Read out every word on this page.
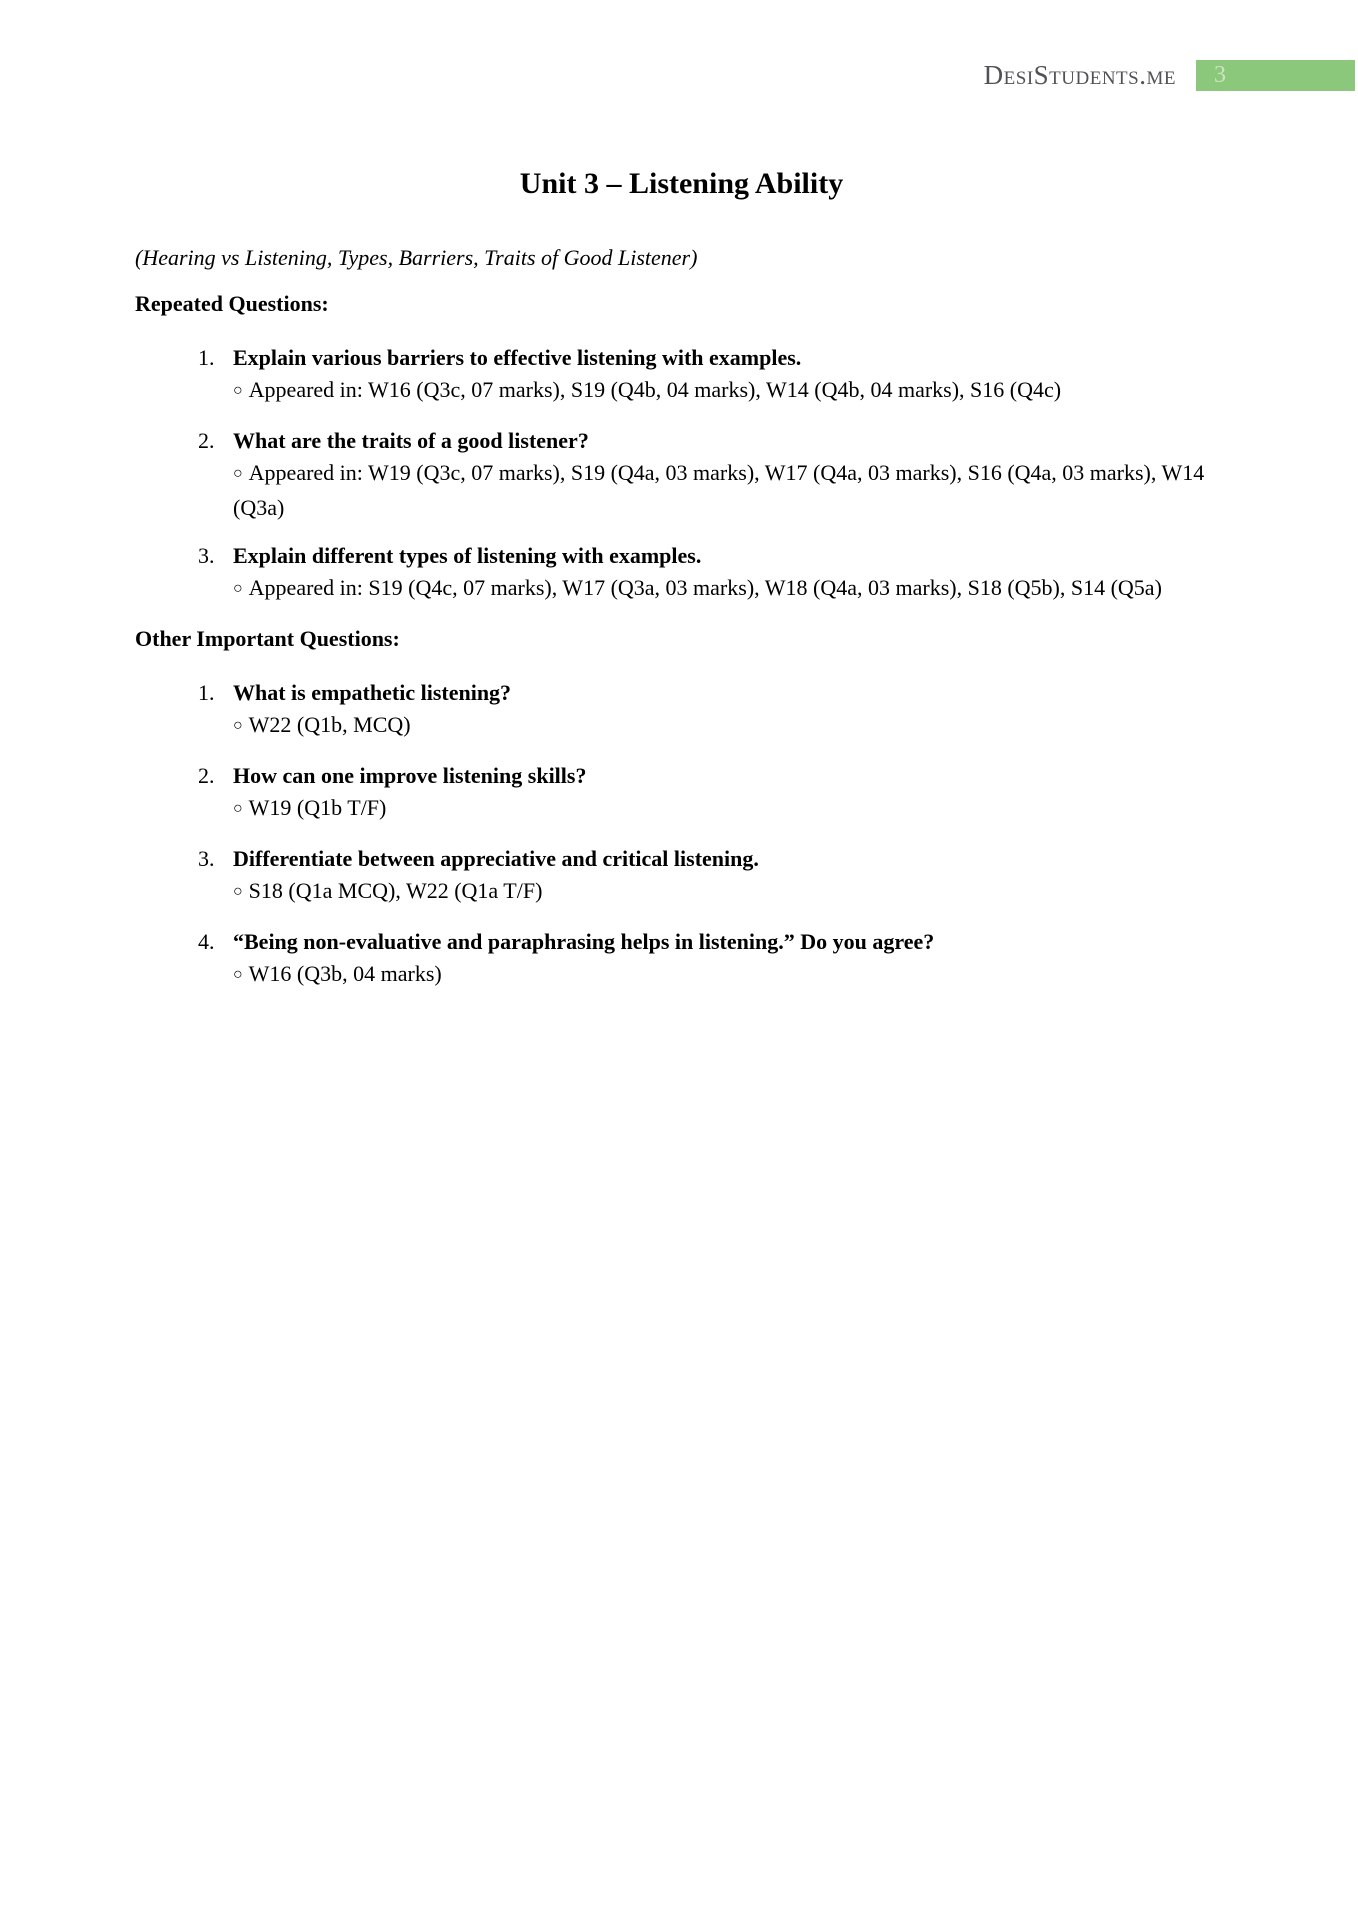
DesiStudents.me	3
Unit 3 – Listening Ability
(Hearing vs Listening, Types, Barriers, Traits of Good Listener)
Repeated Questions:
1. Explain various barriers to effective listening with examples.
○ Appeared in: W16 (Q3c, 07 marks), S19 (Q4b, 04 marks), W14 (Q4b, 04 marks), S16 (Q4c)
2. What are the traits of a good listener?
○ Appeared in: W19 (Q3c, 07 marks), S19 (Q4a, 03 marks), W17 (Q4a, 03 marks), S16 (Q4a, 03 marks), W14 (Q3a)
3. Explain different types of listening with examples.
○ Appeared in: S19 (Q4c, 07 marks), W17 (Q3a, 03 marks), W18 (Q4a, 03 marks), S18 (Q5b), S14 (Q5a)
Other Important Questions:
1. What is empathetic listening?
○ W22 (Q1b, MCQ)
2. How can one improve listening skills?
○ W19 (Q1b T/F)
3. Differentiate between appreciative and critical listening.
○ S18 (Q1a MCQ), W22 (Q1a T/F)
4. “Being non-evaluative and paraphrasing helps in listening.” Do you agree?
○ W16 (Q3b, 04 marks)
